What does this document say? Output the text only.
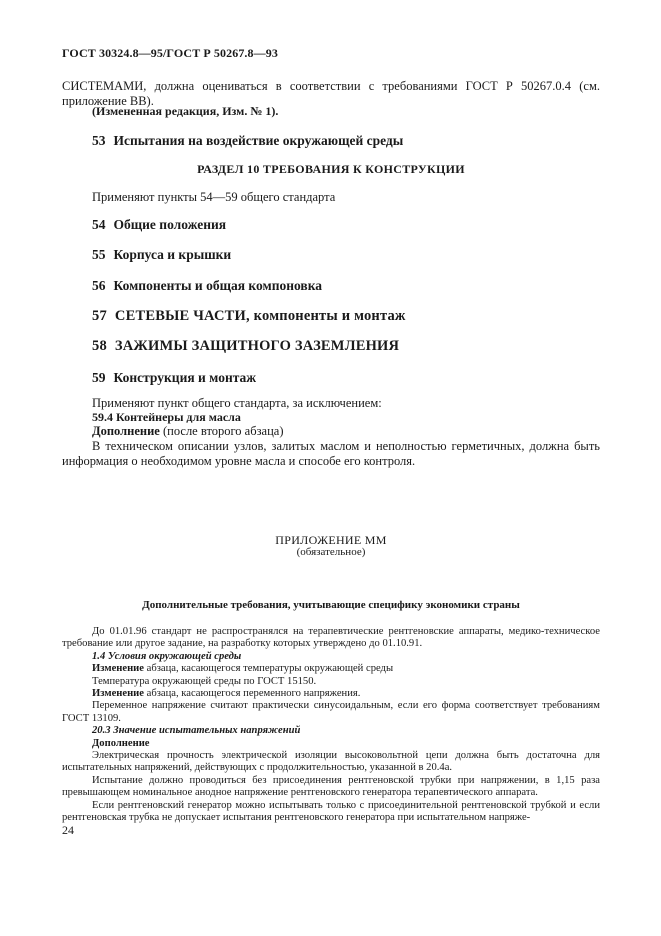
ГОСТ 30324.8—95/ГОСТ Р 50267.8—93
СИСТЕМАМИ, должна оцениваться в соответствии с требованиями ГОСТ Р 50267.0.4 (см. приложение ВВ).
(Измененная редакция, Изм. № 1).
53 Испытания на воздействие окружающей среды
РАЗДЕЛ 10 ТРЕБОВАНИЯ К КОНСТРУКЦИИ
Применяют пункты 54—59 общего стандарта
54 Общие положения
55 Корпуса и крышки
56 Компоненты и общая компоновка
57 СЕТЕВЫЕ ЧАСТИ, компоненты и монтаж
58 ЗАЖИМЫ ЗАЩИТНОГО ЗАЗЕМЛЕНИЯ
59 Конструкция и монтаж
Применяют пункт общего стандарта, за исключением:
59.4 Контейнеры для масла
Дополнение (после второго абзаца)
В техническом описании узлов, залитых маслом и неполностью герметичных, должна быть информация о необходимом уровне масла и способе его контроля.
ПРИЛОЖЕНИЕ ММ
(обязательное)
Дополнительные требования, учитывающие специфику экономики страны
До 01.01.96 стандарт не распространялся на терапевтические рентгеновские аппараты, медико-техническое требование или другое задание, на разработку которых утверждено до 01.10.91.
1.4 Условия окружающей среды
Изменение абзаца, касающегося температуры окружающей среды
Температура окружающей среды по ГОСТ 15150.
Изменение абзаца, касающегося переменного напряжения.
Переменное напряжение считают практически синусоидальным, если его форма соответствует требованиям ГОСТ 13109.
20.3 Значение испытательных напряжений
Дополнение
Электрическая прочность электрической изоляции высоковольтной цепи должна быть достаточна для испытательных напряжений, действующих с продолжительностью, указанной в 20.4а.
Испытание должно проводиться без присоединения рентгеновской трубки при напряжении, в 1,15 раза превышающем номинальное анодное напряжение рентгеновского генератора терапевтического аппарата.
Если рентгеновский генератор можно испытывать только с присоединительной рентгеновской трубкой и если рентгеновская трубка не допускает испытания рентгеновского генератора при испытательном напряже-
24
